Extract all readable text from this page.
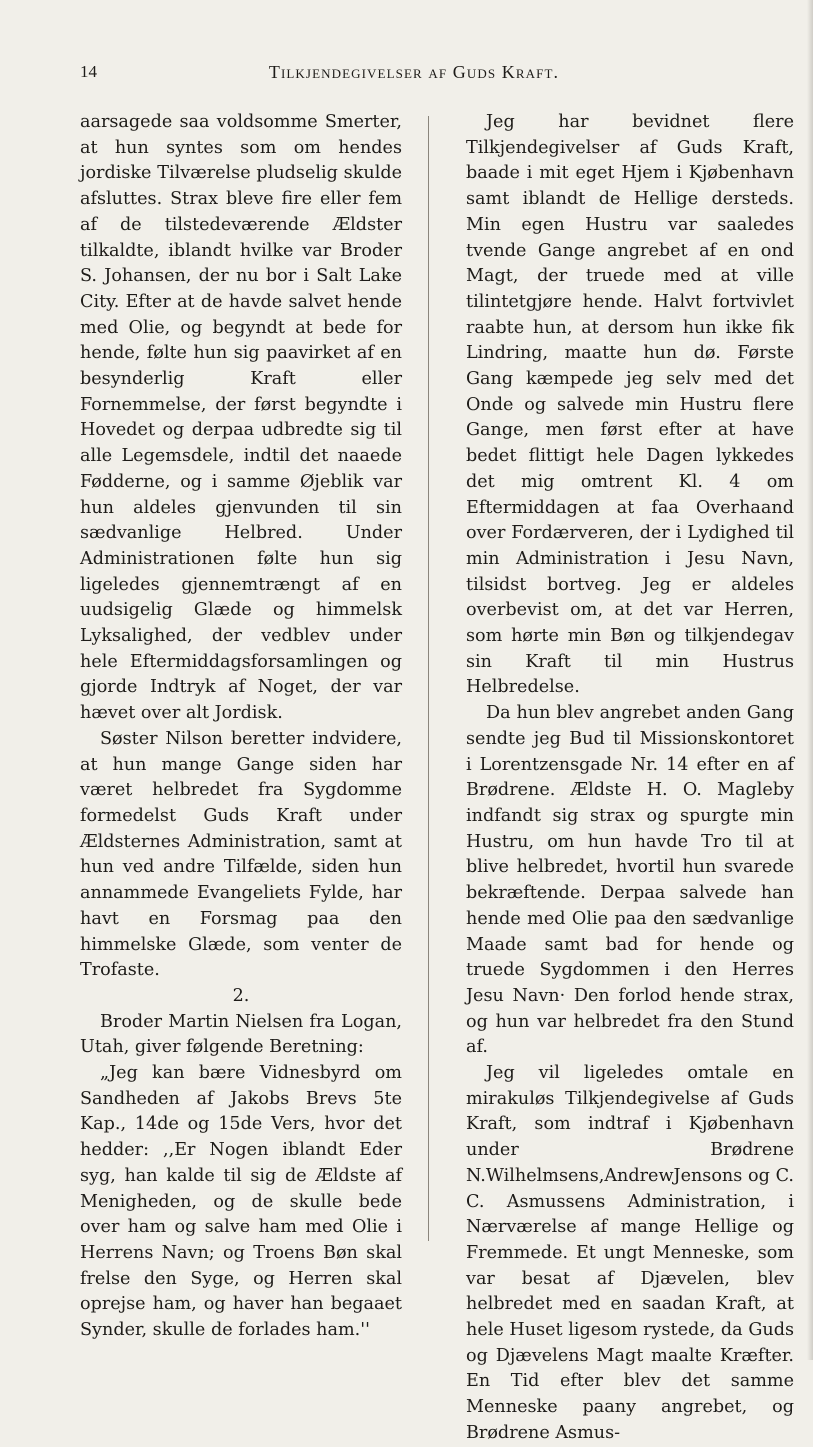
14	Tilkjendegivelser af Guds Kraft.

aarsagede saa voldsomme Smerter, at hun syntes som om hendes jordiske Tilværelse pludselig skulde afsluttes. Strax bleve fire eller fem af de tilstedeværende Ældster tilkaldte, iblandt hvilke var Broder S. Johansen, der nu bor i Salt Lake City. Efter at de havde salvet hende med Olie, og begyndt at bede for hende, følte hun sig paavirket af en besynderlig Kraft eller Fornemmelse, der først begyndte i Hovedet og derpaa udbredte sig til alle Legemsdele, indtil det naaede Fødderne, og i samme Øjeblik var hun aldeles gjenvunden til sin sædvanlige Helbred. Under Administrationen følte hun sig ligeledes gjennemtrængt af en uudsigelig Glæde og himmelsk Lyksalighed, der vedblev under hele Eftermiddagsforsamlingen og gjorde Indtryk af Noget, der var hævet over alt Jordisk.

Søster Nilson beretter indvidere, at hun mange Gange siden har været helbredet fra Sygdomme formedelst Guds Kraft under Ældsternes Administration, samt at hun ved andre Tilfælde, siden hun annammede Evangeliets Fylde, har havt en Forsmag paa den himmelske Glæde, som venter de Trofaste.

2.

Broder Martin Nielsen fra Logan, Utah, giver følgende Beretning:

„Jeg kan bære Vidnesbyrd om Sandheden af Jakobs Brevs 5te Kap., 14de og 15de Vers, hvor det hedder: ,,Er Nogen iblandt Eder syg, han kalde til sig de Ældste af Menigheden, og de skulle bede over ham og salve ham med Olie i Herrens Navn; og Troens Bøn skal frelse den Syge, og Herren skal oprejse ham, og haver han begaaet Synder, skulle de forlades ham.''

Jeg har bevidnet flere Tilkjendegivelser af Guds Kraft, baade i mit eget Hjem i Kjøbenhavn samt iblandt de Hellige dersteds. Min egen Hustru var saaledes tvende Gange angrebet af en ond Magt, der truede med at ville tilintetgjøre hende. Halvt fortvivlet raabte hun, at dersom hun ikke fik Lindring, maatte hun dø. Første Gang kæmpede jeg selv med det Onde og salvede min Hustru flere Gange, men først efter at have bedet flittigt hele Dagen lykkedes det mig omtrent Kl. 4 om Eftermiddagen at faa Overhaand over Fordærveren, der i Lydighed til min Administration i Jesu Navn, tilsidst bortveg. Jeg er aldeles overbevist om, at det var Herren, som hørte min Bøn og tilkjendegav sin Kraft til min Hustrus Helbredelse.

Da hun blev angrebet anden Gang sendte jeg Bud til Missionskontoret i Lorentzensgade Nr. 14 efter en af Brødrene. Ældste H. O. Magleby indfandt sig strax og spurgte min Hustru, om hun havde Tro til at blive helbredet, hvortil hun svarede bekræftende. Derpaa salvede han hende med Olie paa den sædvanlige Maade samt bad for hende og truede Sygdommen i den Herres Jesu Navn· Den forlod hende strax, og hun var helbredet fra den Stund af.

Jeg vil ligeledes omtale en mirakuløs Tilkjendegivelse af Guds Kraft, som indtraf i Kjøbenhavn under Brødrene N.Wilhelmsens,AndrewJensons og C. C. Asmussens Administration, i Nærværelse af mange Hellige og Fremmede. Et ungt Menneske, som var besat af Djævelen, blev helbredet med en saadan Kraft, at hele Huset ligesom rystede, da Guds og Djævelens Magt maalte Kræfter. En Tid efter blev det samme Menneske paany angrebet, og Brødrene Asmus-
